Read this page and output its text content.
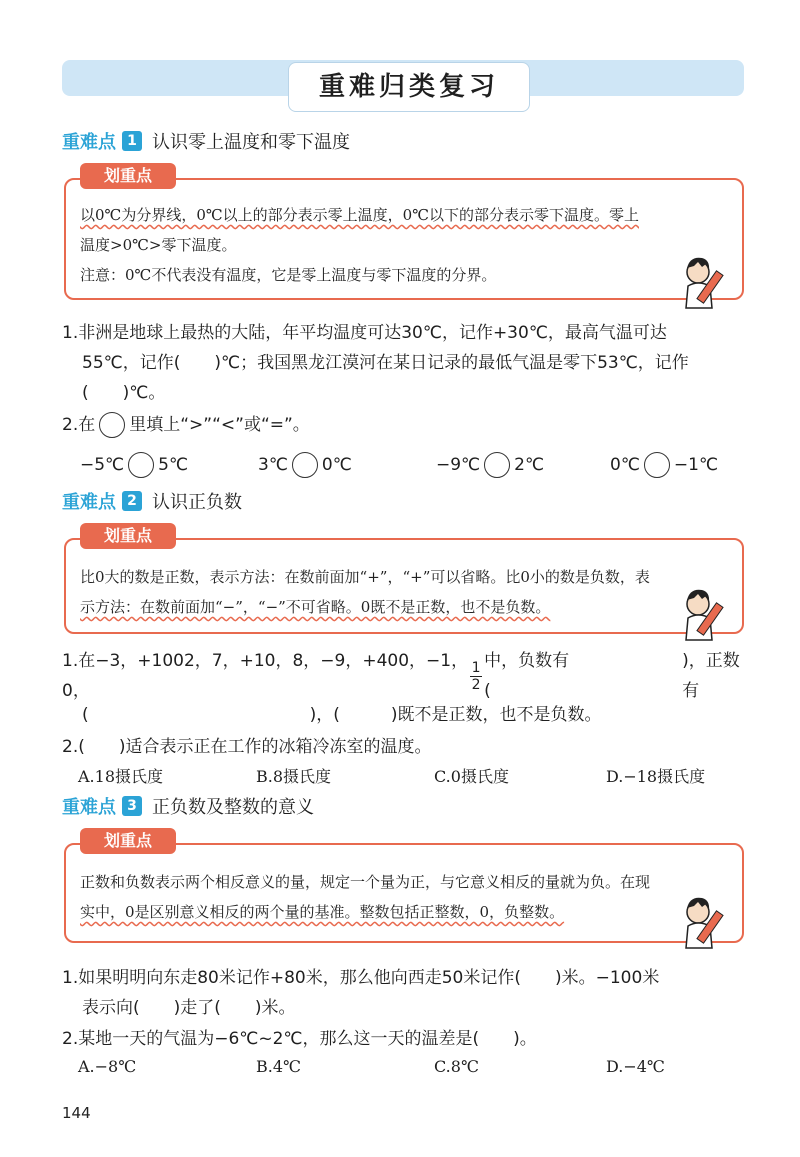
重难归类复习
重难点 1 认识零上温度和零下温度
以0℃为分界线，0℃以上的部分表示零上温度，0℃以下的部分表示零下温度。零上
温度>0℃>零下温度。
注意：0℃不代表没有温度，它是零上温度与零下温度的分界。
划重点
1.非洲是地球上最热的大陆，年平均温度可达30℃，记作+30℃，最高气温可达
55℃，记作(　　)℃；我国黑龙江漠河在某日记录的最低气温是零下53℃，记作
(　　)℃。
2.在 里填上“>”“<”或“=”。
−5℃ 5℃	3℃ 0℃	−9℃ 2℃	0℃ −1℃
重难点 2 认识正负数
比0大的数是正数，表示方法：在数前面加“+”，“+”可以省略。比0小的数是负数，表
示方法：在数前面加“−”，“−”不可省略。0既不是正数，也不是负数。
划重点
1.在−3，+1002，7，+10，8，−9，+400，−1，0，	$\frac{1}{2}$ 中，负数有(
)，正数有
(　　　　　　　　　　　　　)，(　　　)既不是正数，也不是负数。
2.(　　)适合表示正在工作的冰箱冷冻室的温度。
A.18摄氏度	B.8摄氏度	C.0摄氏度	D.−18摄氏度
重难点 3 正负数及整数的意义
正数和负数表示两个相反意义的量，规定一个量为正，与它意义相反的量就为负。在现
实中，0是区别意义相反的两个量的基准。整数包括正整数，0，负整数。
划重点
1.如果明明向东走80米记作+80米，那么他向西走50米记作(　　)米。−100米
表示向(　　)走了(　　)米。
2.某地一天的气温为−6℃~2℃，那么这一天的温差是(　　)。
A.−8℃	B.4℃	C.8℃	D.−4℃
144
